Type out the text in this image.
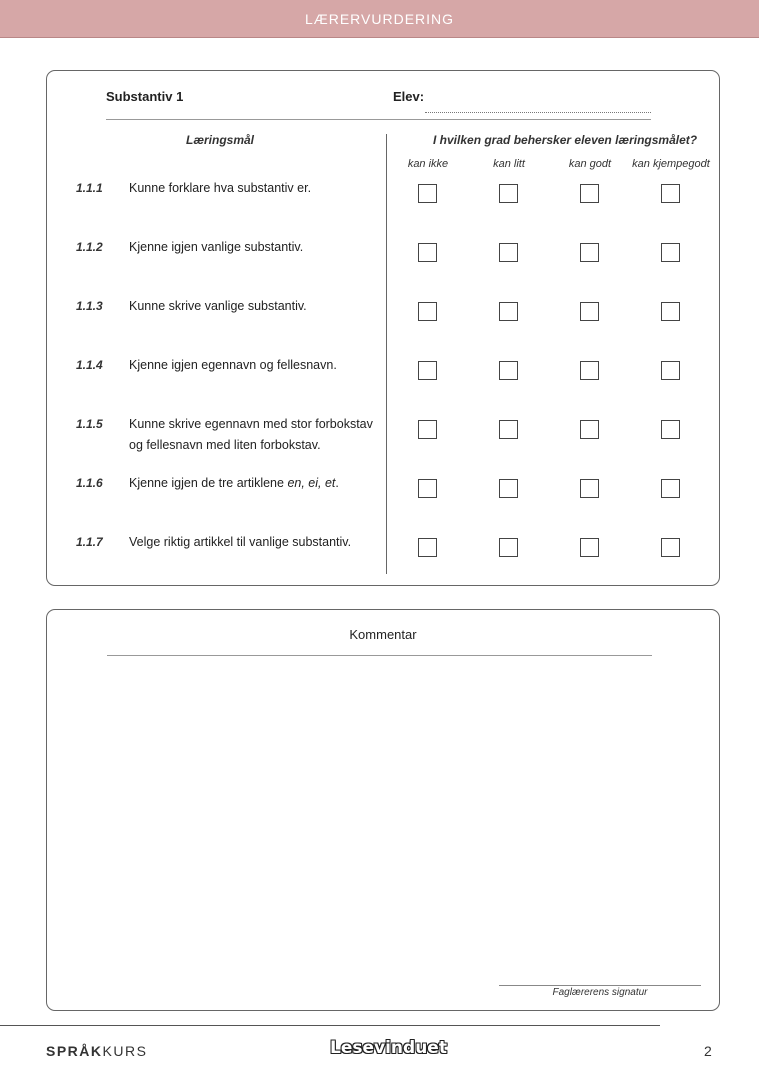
LÆRERVURDERING
Substantiv 1	Elev:
Læringsmål	I hvilken grad behersker eleven læringsmålet?
kan ikke	kan litt	kan godt	kan kjempegodt
1.1.1 Kunne forklare hva substantiv er.
1.1.2 Kjenne igjen vanlige substantiv.
1.1.3 Kunne skrive vanlige substantiv.
1.1.4 Kjenne igjen egennavn og fellesnavn.
1.1.5 Kunne skrive egennavn med stor forbokstav og fellesnavn med liten forbokstav.
1.1.6 Kjenne igjen de tre artiklene en, ei, et.
1.1.7 Velge riktig artikkel til vanlige substantiv.
Kommentar
Faglærerens signatur
SPRÅKKURS	Lesevinduet	2
